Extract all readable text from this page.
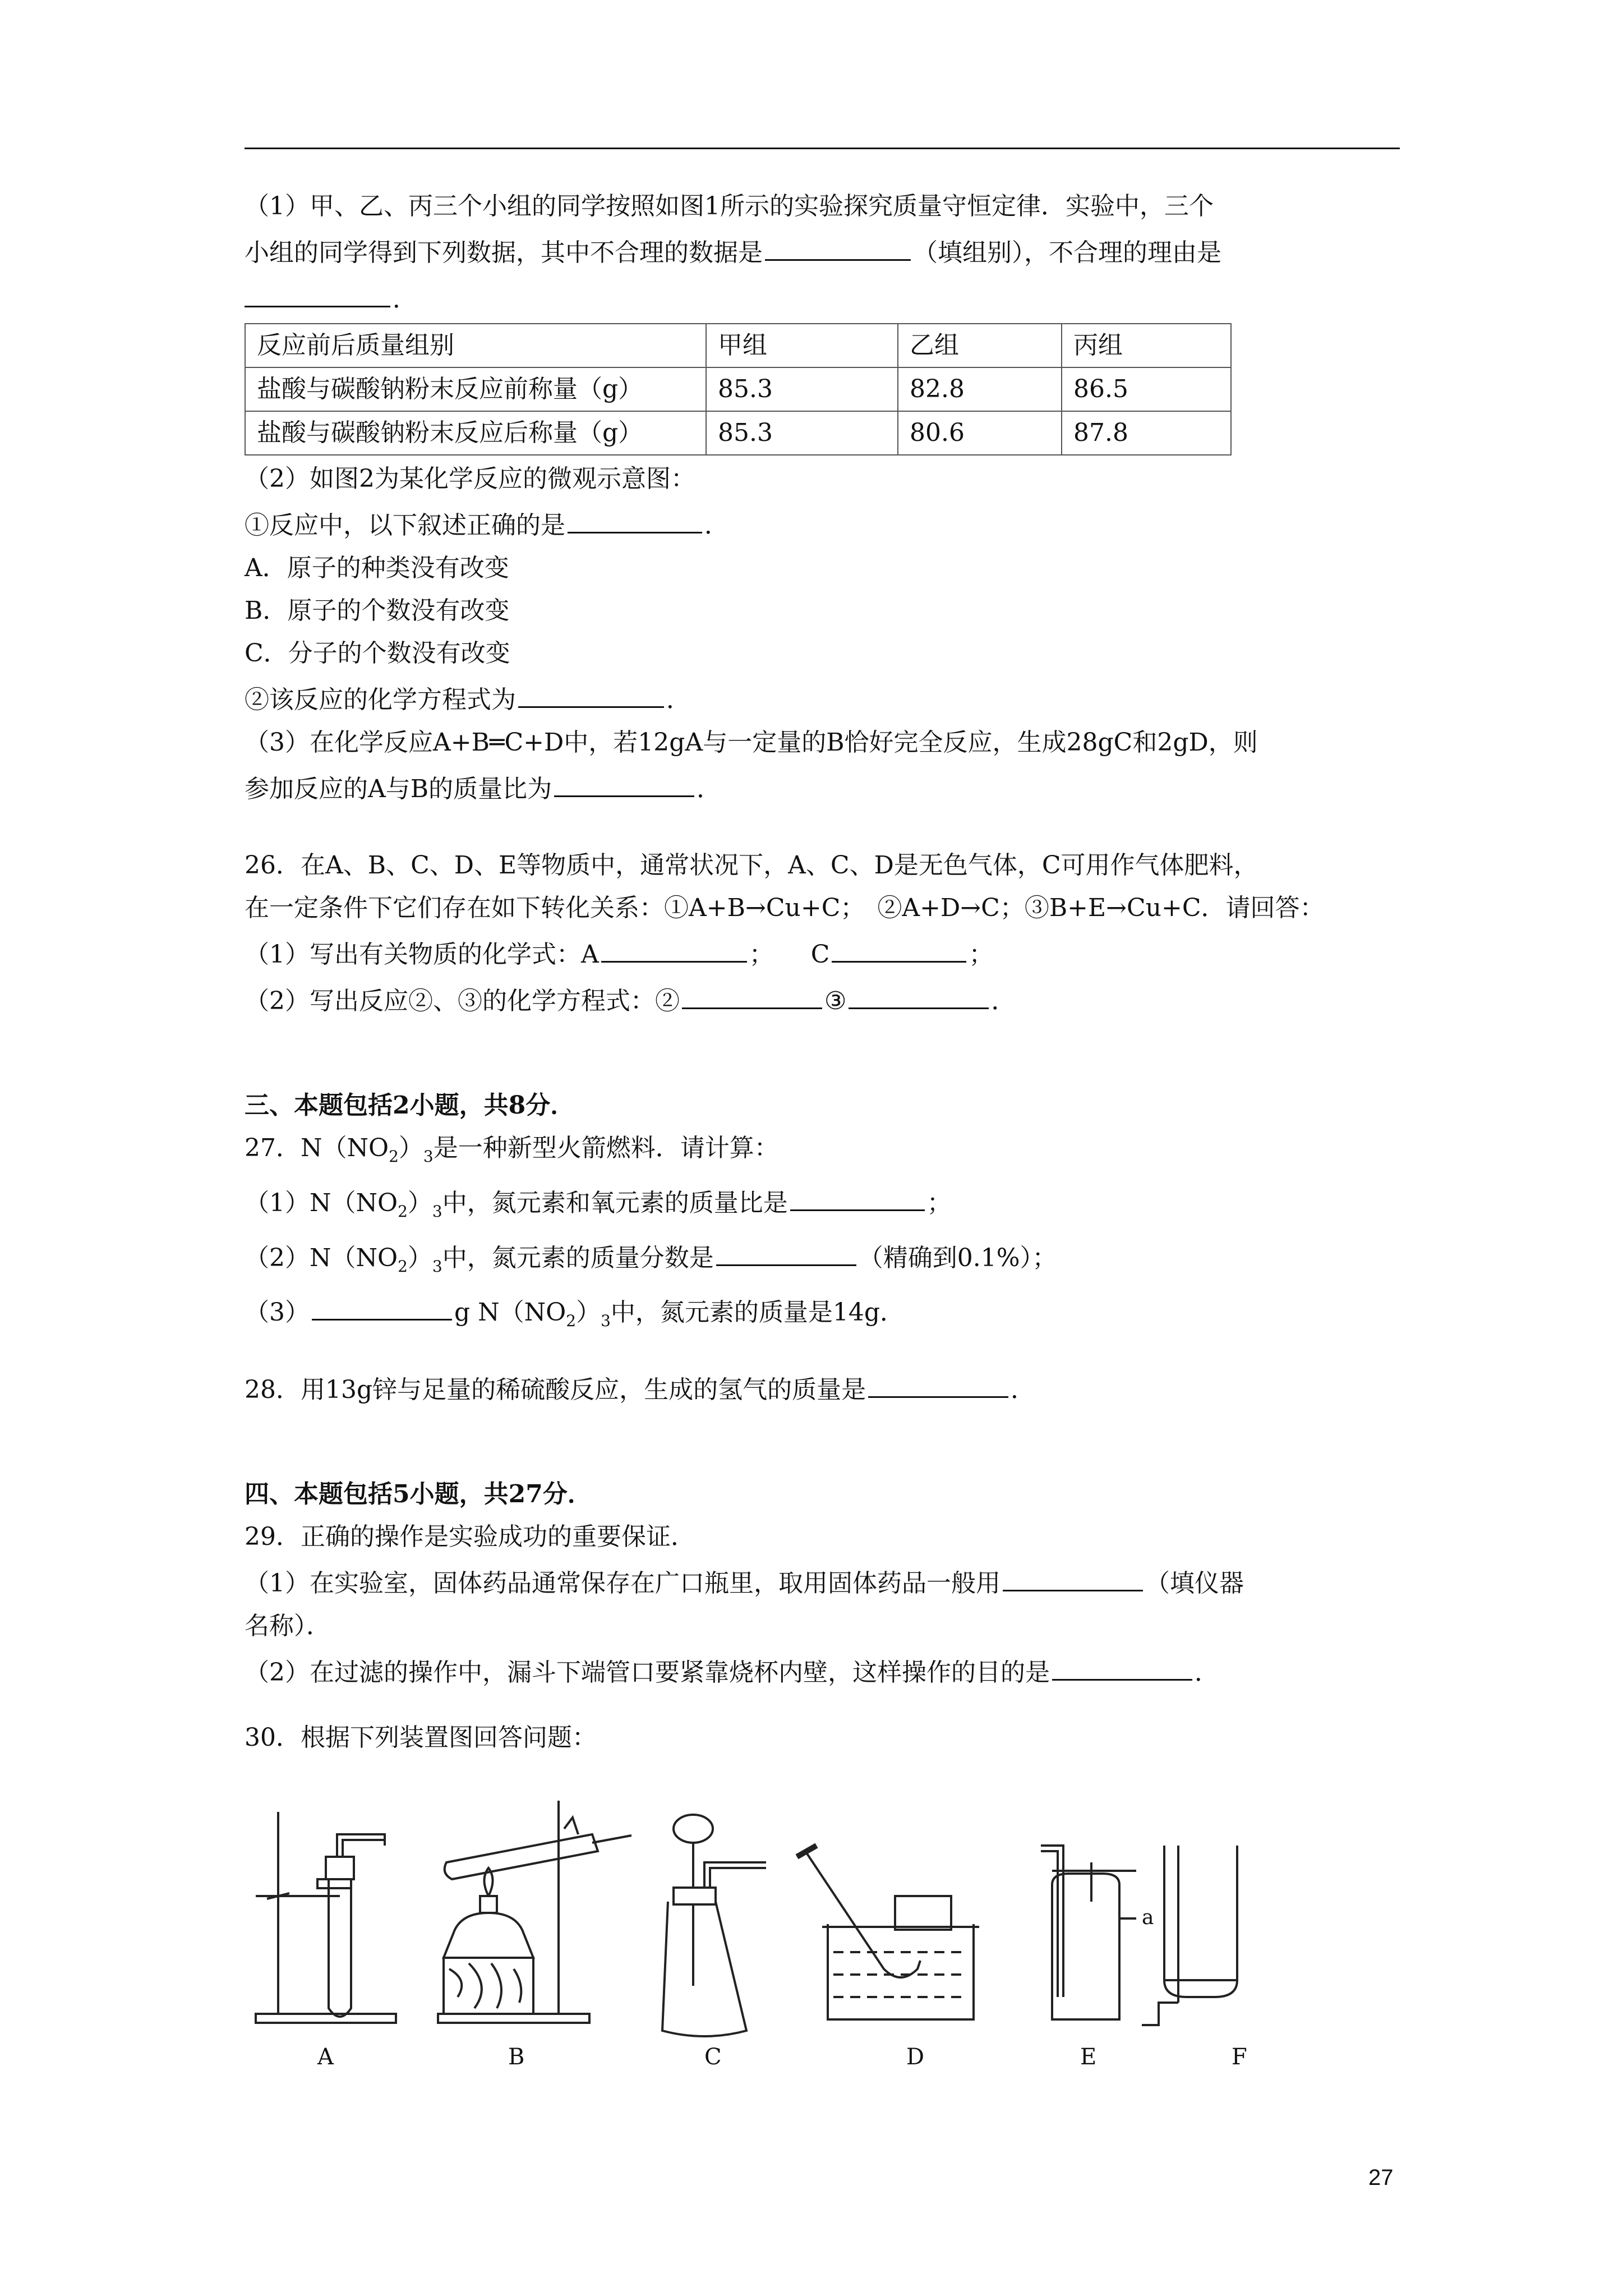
（1）甲、乙、丙三个小组的同学按照如图1所示的实验探究质量守恒定律．实验中，三个
小组的同学得到下列数据，其中不合理的数据是	（填组别），不合理的理由是
．
反应前后质量组别	甲组	乙组	丙组
盐酸与碳酸钠粉末反应前称量（g）	85.3	82.8	86.5
盐酸与碳酸钠粉末反应后称量（g）	85.3	80.6	87.8
（2）如图2为某化学反应的微观示意图：
①反应中，以下叙述正确的是	．
A．原子的种类没有改变
B．原子的个数没有改变
C．分子的个数没有改变
②该反应的化学方程式为	．
（3）在化学反应A+B═C+D中，若12gA与一定量的B恰好完全反应，生成28gC和2gD，则
参加反应的A与B的质量比为	．
26．在A、B、C、D、E等物质中，通常状况下，A、C、D是无色气体，C可用作气体肥料，
在一定条件下它们存在如下转化关系：①A+B→Cu+C；　②A+D→C；③B+E→Cu+C．请回答：
（1）写出有关物质的化学式：A	；　　C	；
（2）写出反应②、③的化学方程式：②	③	．
三、本题包括2小题，共8分．
27．$N(NO_2)_3$是一种新型火箭燃料．请计算：
$(1)N(NO_2)_3$中，氮元素和氧元素的质量比是	；
$(2)N(NO_2)_3$中，氮元素的质量分数是	（精确到0.1%）；
（3）	g $N(NO_2)_3$中，氮元素的质量是14g．
28．用13g锌与足量的稀硫酸反应，生成的氢气的质量是	．
四、本题包括5小题，共27分．
29．正确的操作是实验成功的重要保证．
（1）在实验室，固体药品通常保存在广口瓶里，取用固体药品一般用	（填仪器
名称）．
（2）在过滤的操作中，漏斗下端管口要紧靠烧杯内壁，这样操作的目的是	．
30．根据下列装置图回答问题：
A	B	C	D	E	F
a
27
